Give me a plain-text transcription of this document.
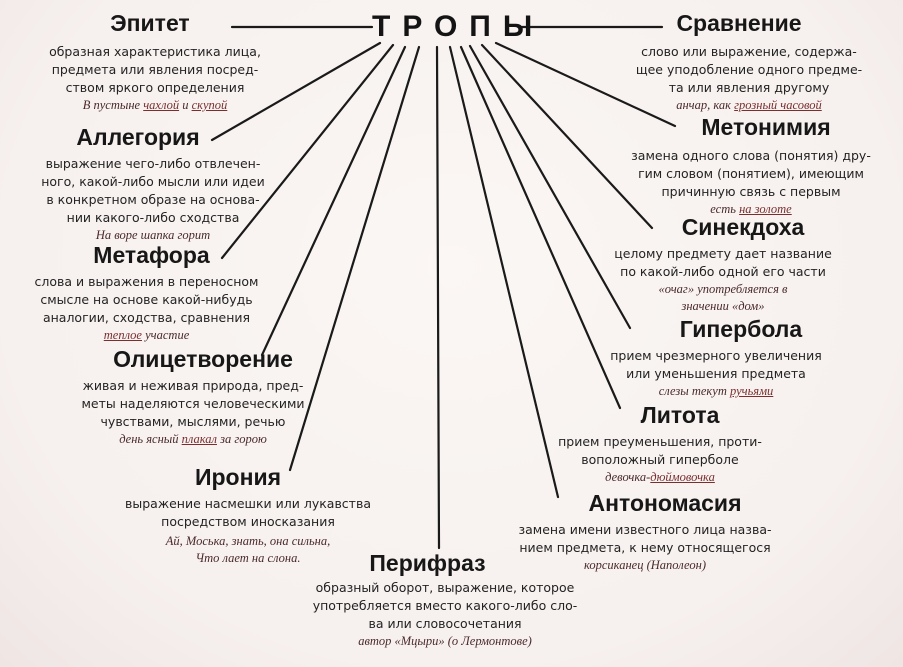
ТРОПЫ
Эпитет
образная характеристика лица,
предмета или явления посред-
ством яркого определения
В пустыне чахлой и скупой
Аллегория
выражение чего-либо отвлечен-
ного, какой-либо мысли или идеи
в конкретном образе на основа-
нии какого-либо сходства
На воре шапка горит
Метафора
слова и выражения в переносном
смысле на основе какой-нибудь
аналогии, сходства, сравнения
теплое участие
Олицетворение
живая и неживая природа, пред-
меты наделяются человеческими
чувствами, мыслями, речью
день ясный плакал за горою
Ирония
выражение насмешки или лукавства
посредством иносказания
Ай, Моська, знать, она сильна,
Что лает на слона.	Перифраз
образный оборот, выражение, которое
употребляется вместо какого-либо сло-
ва или словосочетания
автор «Мцыри» (о Лермонтове)
Сравнение
слово или выражение, содержа-
щее уподобление одного предме-
та или явления другому
анчар, как грозный часовой
Метонимия
замена одного слова (понятия) дру-
гим словом (понятием), имеющим
причинную связь с первым
есть на золоте
Синекдоха
целому предмету дает название
по какой-либо одной его части
«очаг» употребляется в
значении «дом»
Гипербола
прием чрезмерного увеличения
или уменьшения предмета
слезы текут ручьями
Литота
прием преуменьшения, проти-
воположный гиперболе
девочка-дюймовочка
Антономасия
замена имени известного лица назва-
нием предмета, к нему относящегося
корсиканец (Наполеон)
